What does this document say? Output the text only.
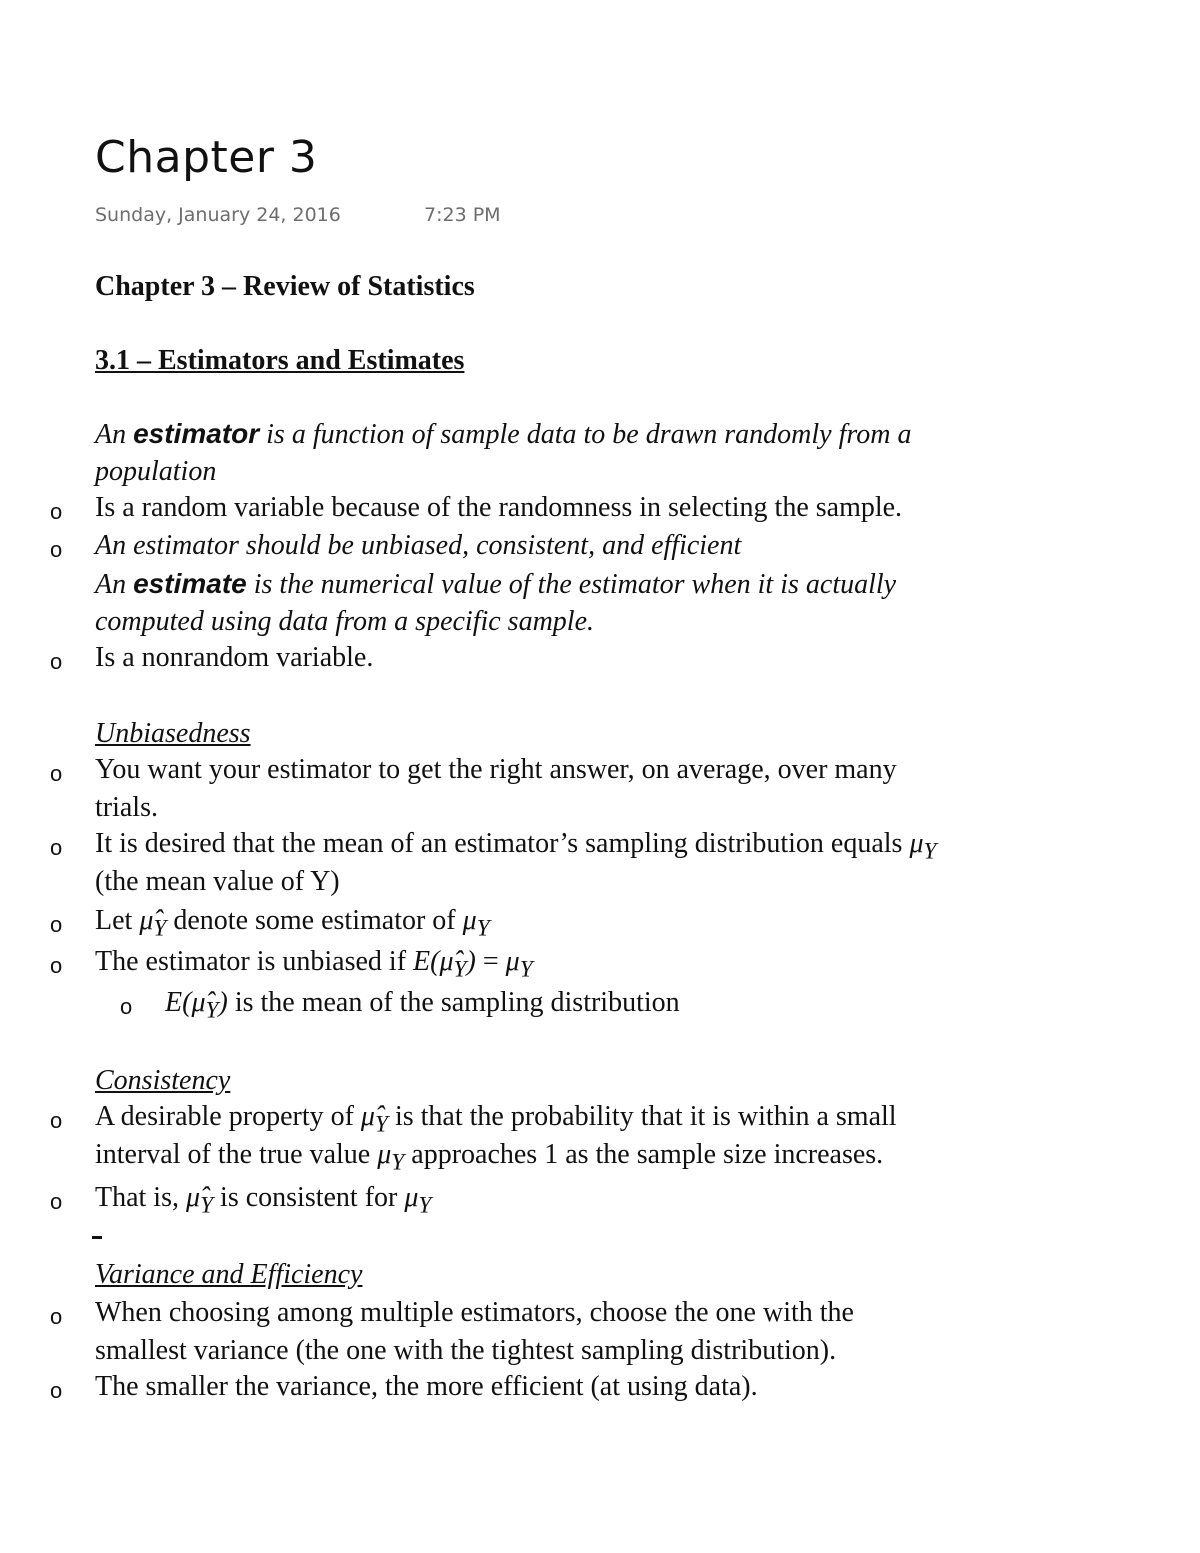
Chapter 3
Sunday, January 24, 2016	7:23 PM
Chapter 3 – Review of Statistics
3.1 – Estimators and Estimates
An estimator is a function of sample data to be drawn randomly from a
population
o Is a random variable because of the randomness in selecting the sample.
o An estimator should be unbiased, consistent, and efficient
An estimate is the numerical value of the estimator when it is actually
computed using data from a specific sample.
o Is a nonrandom variable.
Unbiasedness
o You want your estimator to get the right answer, on average, over many
trials.
o It is desired that the mean of an estimator’s sampling distribution equals $\mu_Y$
(the mean value of Y)
o Let $\mû_Y$ denote some estimator of $\mu_Y$
o The estimator is unbiased if $E(\mû_Y) = \mu_Y$
o $E(\mû_Y)$ is the mean of the sampling distribution
Consistency
o A desirable property of $\mû_Y$ is that the probability that it is within a small
interval of the true value $\mu_Y$ approaches 1 as the sample size increases.
o That is, $\mû_Y$ is consistent for $\mu_Y$
Variance and Efficiency
o When choosing among multiple estimators, choose the one with the
smallest variance (the one with the tightest sampling distribution).
o The smaller the variance, the more efficient (at using data).
